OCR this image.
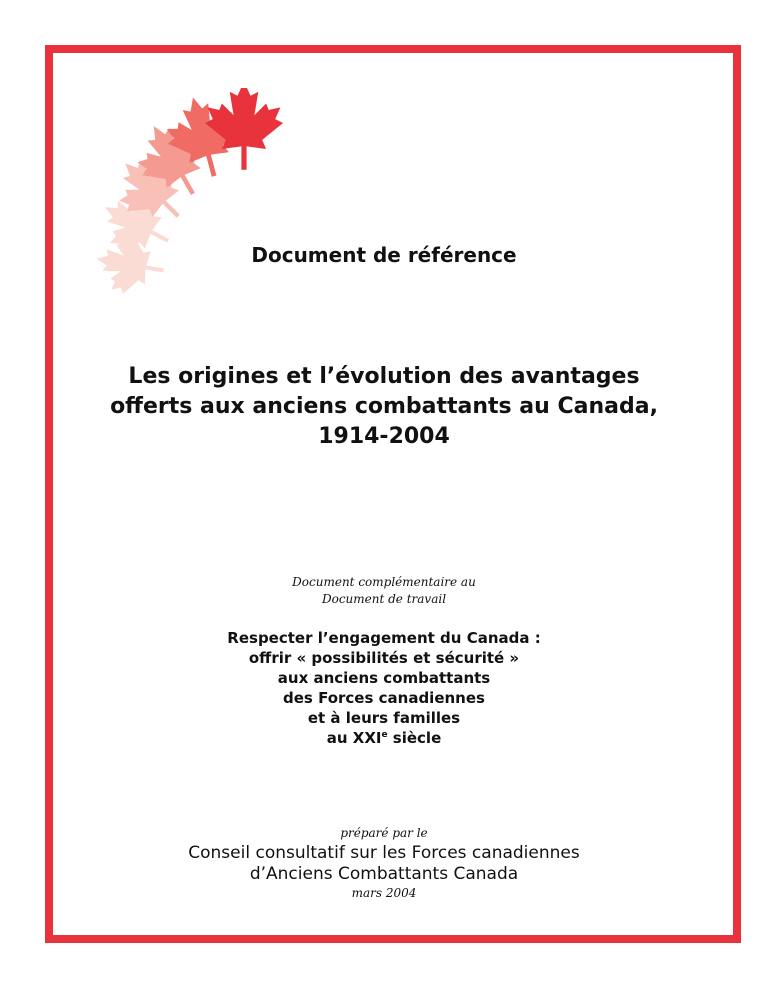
Document de référence
Les origines et l’évolution des avantages
offerts aux anciens combattants au Canada,
1914-2004
Document complémentaire au
Document de travail
Respecter l’engagement du Canada :
offrir « possibilités et sécurité »
aux anciens combattants
des Forces canadiennes
et à leurs familles
au XXIe siècle
préparé par le
Conseil consultatif sur les Forces canadiennes
d’Anciens Combattants Canada
mars 2004
